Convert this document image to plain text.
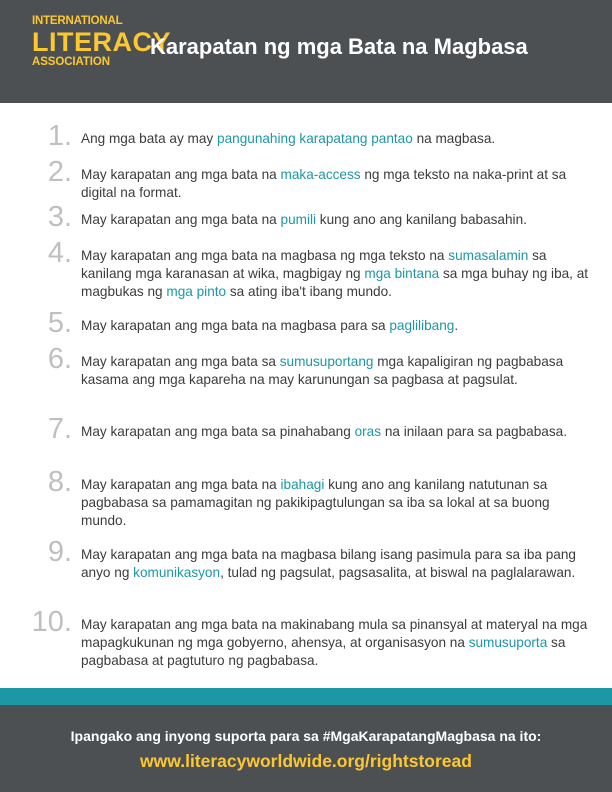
INTERNATIONAL
LITERACY
ASSOCIATION
Karapatan ng mga Bata na Magbasa
1. Ang mga bata ay may pangunahing karapatang pantao na magbasa.
2. May karapatan ang mga bata na maka-access ng mga teksto na naka-print at sa digital na format.
3. May karapatan ang mga bata na pumili kung ano ang kanilang babasahin.
4. May karapatan ang mga bata na magbasa ng mga teksto na sumasalamin sa kanilang mga karanasan at wika, magbigay ng mga bintana sa mga buhay ng iba, at magbukas ng mga pinto sa ating iba't ibang mundo.
5. May karapatan ang mga bata na magbasa para sa paglilibang.
6. May karapatan ang mga bata sa sumusuportang mga kapaligiran ng pagbabasa kasama ang mga kapareha na may karunungan sa pagbasa at pagsulat.
7. May karapatan ang mga bata sa pinahabang oras na inilaan para sa pagbabasa.
8. May karapatan ang mga bata na ibahagi kung ano ang kanilang natutunan sa pagbabasa sa pamamagitan ng pakikipagtulungan sa iba sa lokal at sa buong mundo.
9. May karapatan ang mga bata na magbasa bilang isang pasimula para sa iba pang anyo ng komunikasyon, tulad ng pagsulat, pagsasalita, at biswal na paglalarawan.
10. May karapatan ang mga bata na makinabang mula sa pinansyal at materyal na mga mapagkukunan ng mga gobyerno, ahensya, at organisasyon na sumusuporta sa pagbabasa at pagtuturo ng pagbabasa.
Ipangako ang inyong suporta para sa #MgaKarapatangMagbasa na ito:
www.literacyworldwide.org/rightstoread
